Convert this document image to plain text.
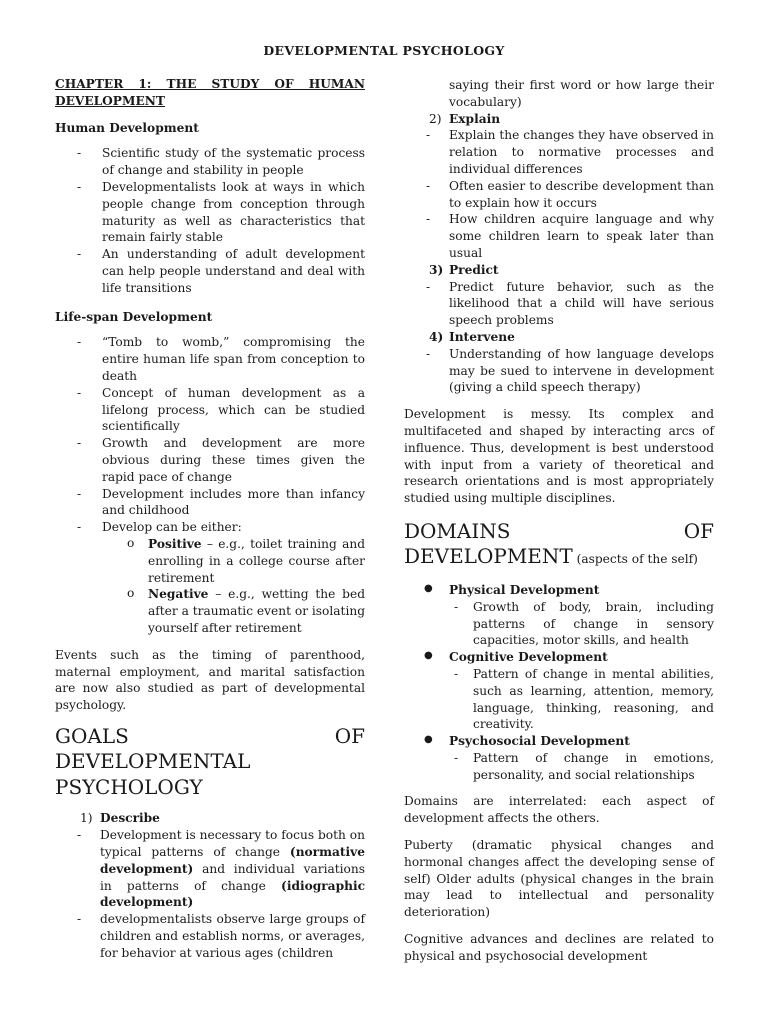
DEVELOPMENTAL PSYCHOLOGY

CHAPTER 1: THE STUDY OF HUMAN DEVELOPMENT

Human Development

- Scientific study of the systematic process of change and stability in people
- Developmentalists look at ways in which people change from conception through maturity as well as characteristics that remain fairly stable
- An understanding of adult development can help people understand and deal with life transitions

Life-span Development

- “Tomb to womb,” compromising the entire human life span from conception to death
- Concept of human development as a lifelong process, which can be studied scientifically
- Growth and development are more obvious during these times given the rapid pace of change
- Development includes more than infancy and childhood
- Develop can be either:
o Positive – e.g., toilet training and enrolling in a college course after retirement
o Negative – e.g., wetting the bed after a traumatic event or isolating yourself after retirement

Events such as the timing of parenthood, maternal employment, and marital satisfaction are now also studied as part of developmental psychology.

GOALS	OF
DEVELOPMENTAL PSYCHOLOGY
1) Describe
- Development is necessary to focus both on typical patterns of change (normative development) and individual variations in patterns of change (idiographic development)
- developmentalists observe large groups of children and establish norms, or averages, for behavior at various ages (children

saying their first word or how large their vocabulary)

2) Explain
- Explain the changes they have observed in relation to normative processes and individual differences
- Often easier to describe development than to explain how it occurs
- How children acquire language and why some children learn to speak later than usual
3) Predict
- Predict future behavior, such as the likelihood that a child will have serious speech problems
4) Intervene
- Understanding of how language develops may be sued to intervene in development (giving a child speech therapy)

Development is messy. Its complex and multifaceted and shaped by interacting arcs of influence. Thus, development is best understood with input from a variety of theoretical and research orientations and is most appropriately studied using multiple disciplines.

DOMAINS	OF
DEVELOPMENT (aspects of the self)
● Physical Development
- Growth of body, brain, including patterns of change in sensory capacities, motor skills, and health
● Cognitive Development
- Pattern of change in mental abilities, such as learning, attention, memory, language, thinking, reasoning, and creativity.
● Psychosocial Development
- Pattern of change in emotions, personality, and social relationships

Domains are interrelated: each aspect of development affects the others.

Puberty (dramatic physical changes and hormonal changes affect the developing sense of self) Older adults (physical changes in the brain may lead to intellectual and personality deterioration)

Cognitive advances and declines are related to physical and psychosocial development
